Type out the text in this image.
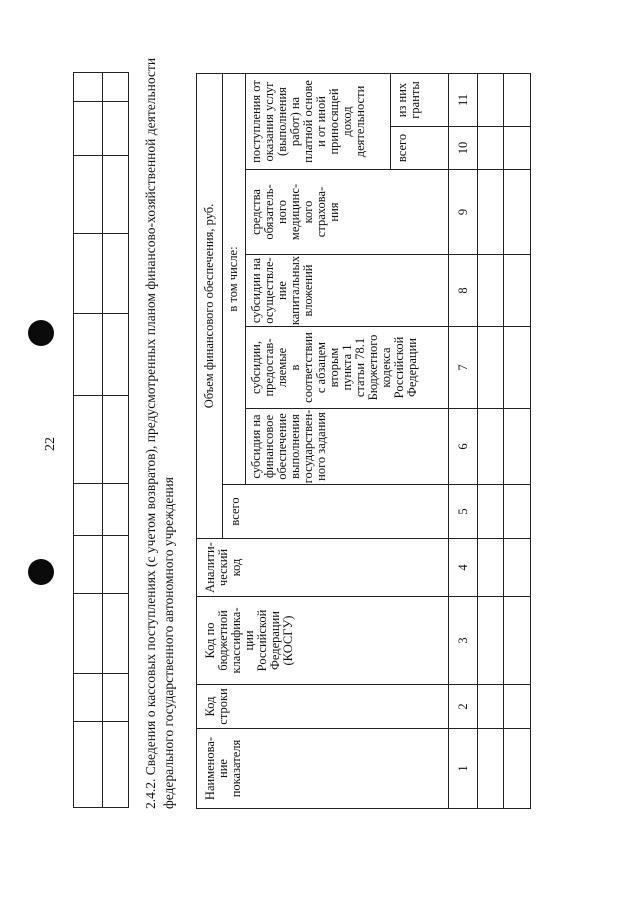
22	2.4.2. Сведения о кассовых поступлениях (с учетом возвратов), предусмотренных планом финансово-хозяйственной деятельности федерального государственного автономного учреждения Наименова-
ние
показателя
Код
строки
Код по
бюджетной
классифика-
ции
Российской
Федерации
(КОСГУ)
Аналити-
ческий
код
Объем финансового обеспечения, руб.
всего
в том числе:
субсидия на
финансовое
обеспечение
выполнения
государствен-
ного задания
субсидии,
предостав-
ляемые
в
соответствии
с абзацем
вторым
пункта 1
статьи 78.1
Бюджетного
кодекса
Российской
Федерации
субсидии на
осуществле-
ние
капитальных
вложений
средства
обязатель-
ного
медицинс-
кого
страхова-
ния
поступления от
оказания услуг
(выполнения
работ) на
платной основе
и от иной
приносящей
доход
деятельности	всего
из них
гранты
1
2
3
4
5
6
7
8
9
10
11
